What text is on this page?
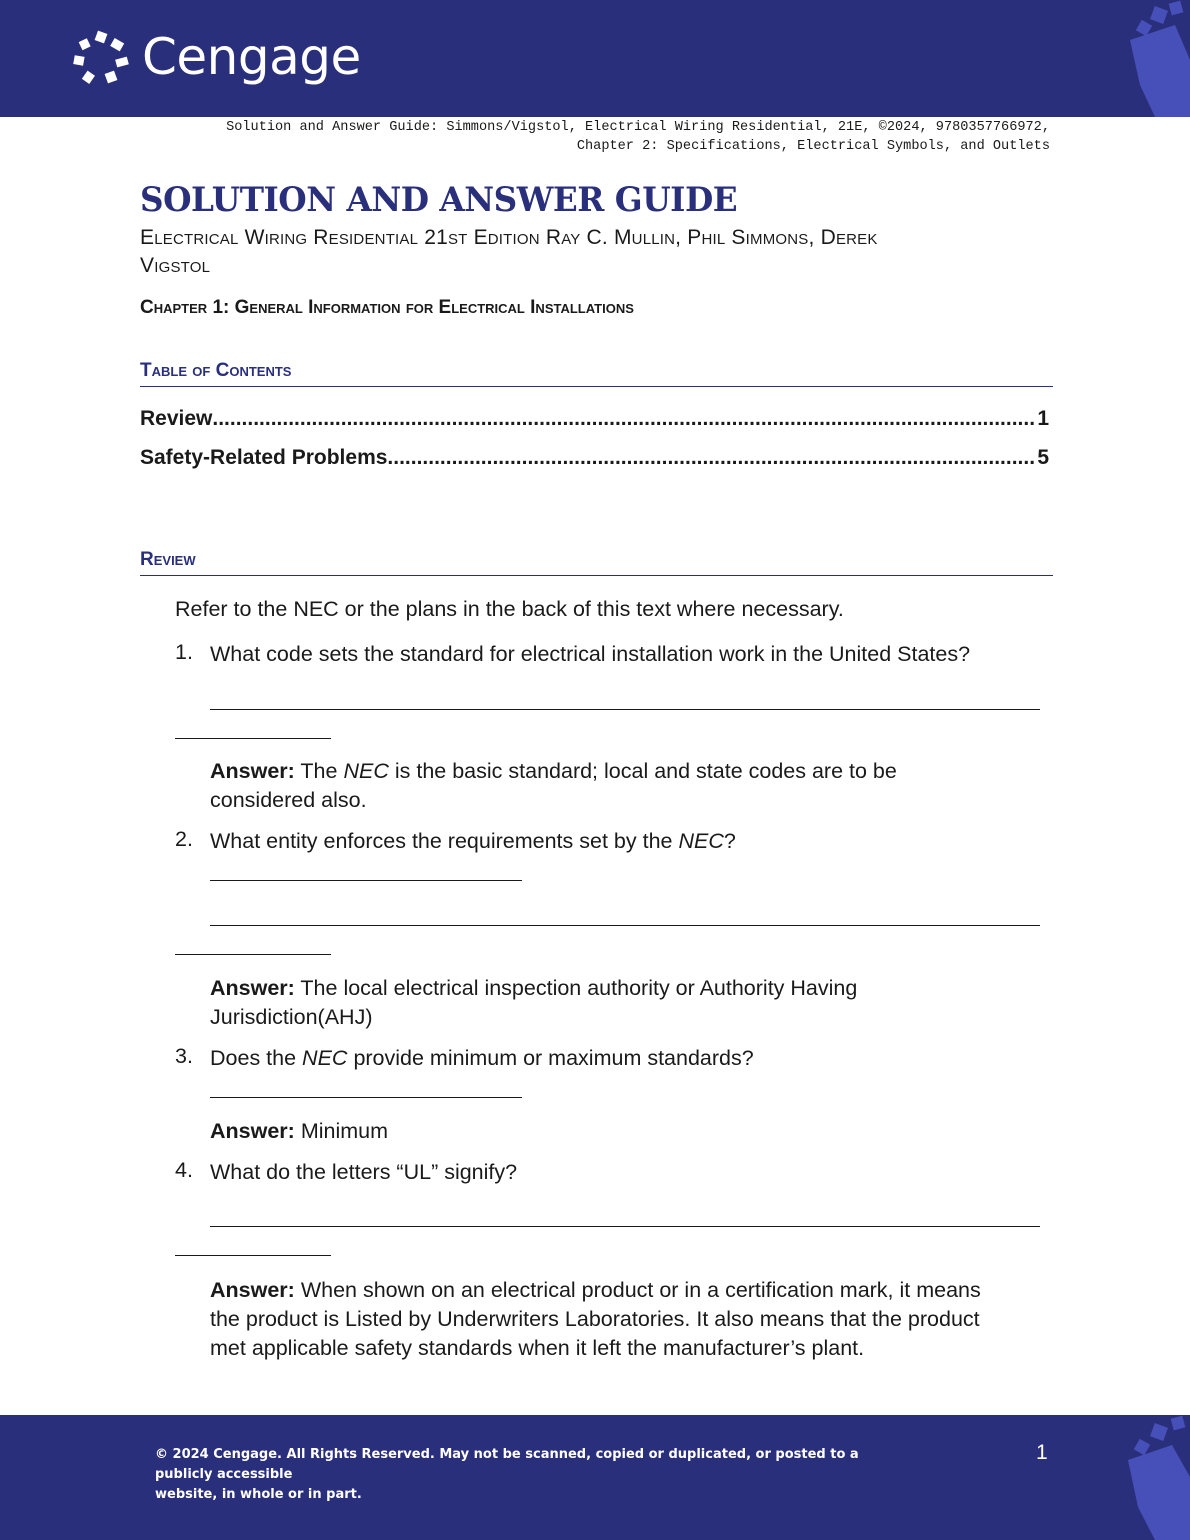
Cengage
Solution and Answer Guide: Simmons/Vigstol, Electrical Wiring Residential, 21E, ©2024, 9780357766972,
Chapter 2: Specifications, Electrical Symbols, and Outlets
SOLUTION AND ANSWER GUIDE
Electrical Wiring Residential 21st Edition Ray C. Mullin, Phil Simmons, Derek
Vigstol
Chapter 1: General Information for Electrical Installations
Table of Contents
Review .....	1
Safety-Related Problems .....	5
Review
Refer to the NEC or the plans in the back of this text where necessary.
1. What code sets the standard for electrical installation work in the United States?
Answer: The NEC is the basic standard; local and state codes are to be
considered also.
2. What entity enforces the requirements set by the NEC?
Answer: The local electrical inspection authority or Authority Having
Jurisdiction(AHJ)
3. Does the NEC provide minimum or maximum standards?
Answer: Minimum
4. What do the letters “UL” signify?
Answer: When shown on an electrical product or in a certification mark, it means
the product is Listed by Underwriters Laboratories. It also means that the product
met applicable safety standards when it left the manufacturer’s plant.
© 2024 Cengage. All Rights Reserved. May not be scanned, copied or duplicated, or posted to a publicly accessible
website, in whole or in part.
1
